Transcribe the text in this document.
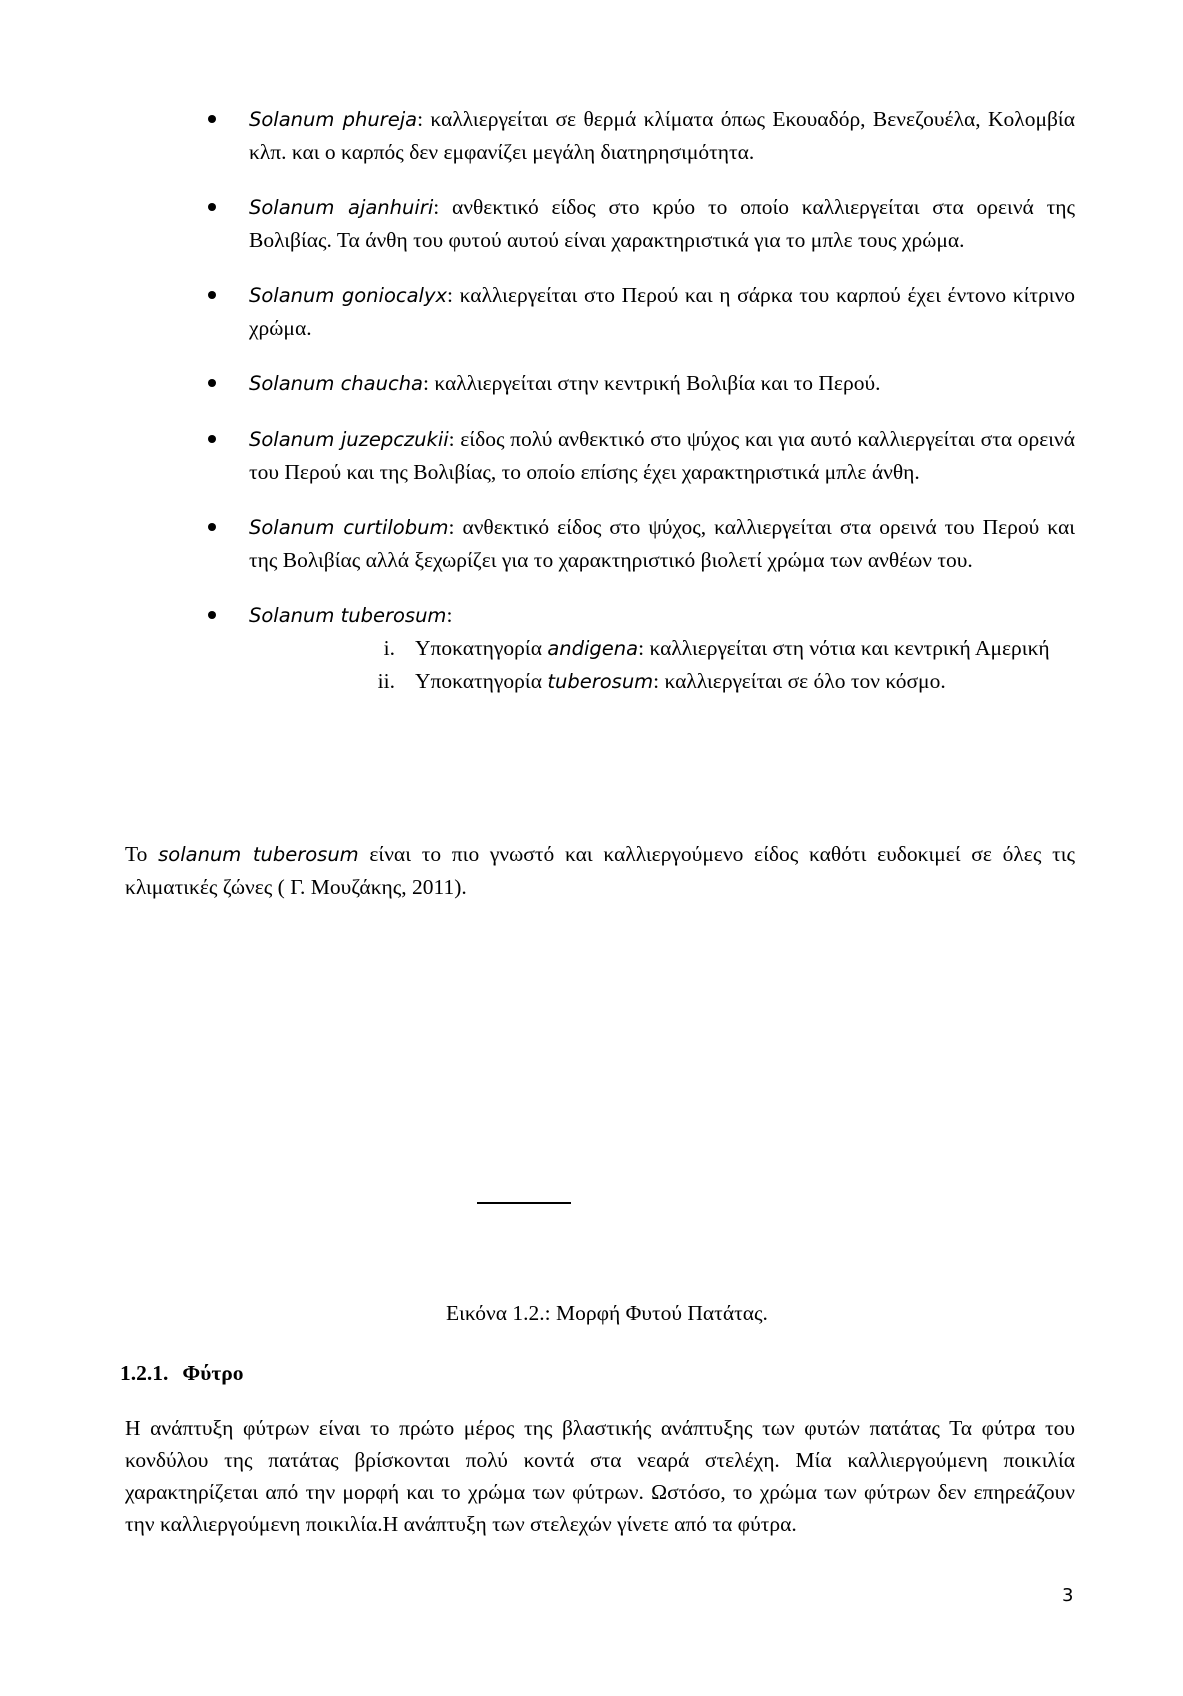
Solanum phureja: καλλιεργείται σε θερμά κλίματα όπως Εκουαδόρ, Βενεζουέλα, Κολομβία κλπ. και ο καρπός δεν εμφανίζει μεγάλη διατηρησιμότητα.

Solanum ajanhuiri: ανθεκτικό είδος στο κρύο το οποίο καλλιεργείται στα ορεινά της Βολιβίας. Τα άνθη του φυτού αυτού είναι χαρακτηριστικά για το μπλε τους χρώμα.

Solanum goniocalyx: καλλιεργείται στο Περού και η σάρκα του καρπού έχει έντονο κίτρινο χρώμα.

Solanum chaucha: καλλιεργείται στην κεντρική Βολιβία και το Περού.

Solanum juzepczukii: είδος πολύ ανθεκτικό στο ψύχος και για αυτό καλλιεργείται στα ορεινά του Περού και της Βολιβίας, το οποίο επίσης έχει χαρακτηριστικά μπλε άνθη.

Solanum curtilobum: ανθεκτικό είδος στο ψύχος, καλλιεργείται στα ορεινά του Περού και της Βολιβίας αλλά ξεχωρίζει για το χαρακτηριστικό βιολετί χρώμα των ανθέων του.

Solanum tuberosum:

i. Υποκατηγορία andigena: καλλιεργείται στη νότια και κεντρική Αμερική
ii. Υποκατηγορία tuberosum: καλλιεργείται σε όλο τον κόσμο.

Το solanum tuberosum είναι το πιο γνωστό και καλλιεργούμενο είδος καθότι ευδοκιμεί σε όλες τις κλιματικές ζώνες ( Γ. Μουζάκης, 2011).

Εικόνα 1.2.: Μορφή Φυτού Πατάτας.

1.2.1. Φύτρο

Η ανάπτυξη φύτρων είναι το πρώτο μέρος της βλαστικής ανάπτυξης των φυτών πατάτας Τα φύτρα του κονδύλου της πατάτας βρίσκονται πολύ κοντά στα νεαρά στελέχη. Μία καλλιεργούμενη ποικιλία χαρακτηρίζεται από την μορφή και το χρώμα των φύτρων. Ωστόσο, το χρώμα των φύτρων δεν επηρεάζουν την καλλιεργούμενη ποικιλία.Η ανάπτυξη των στελεχών γίνετε από τα φύτρα.

3
